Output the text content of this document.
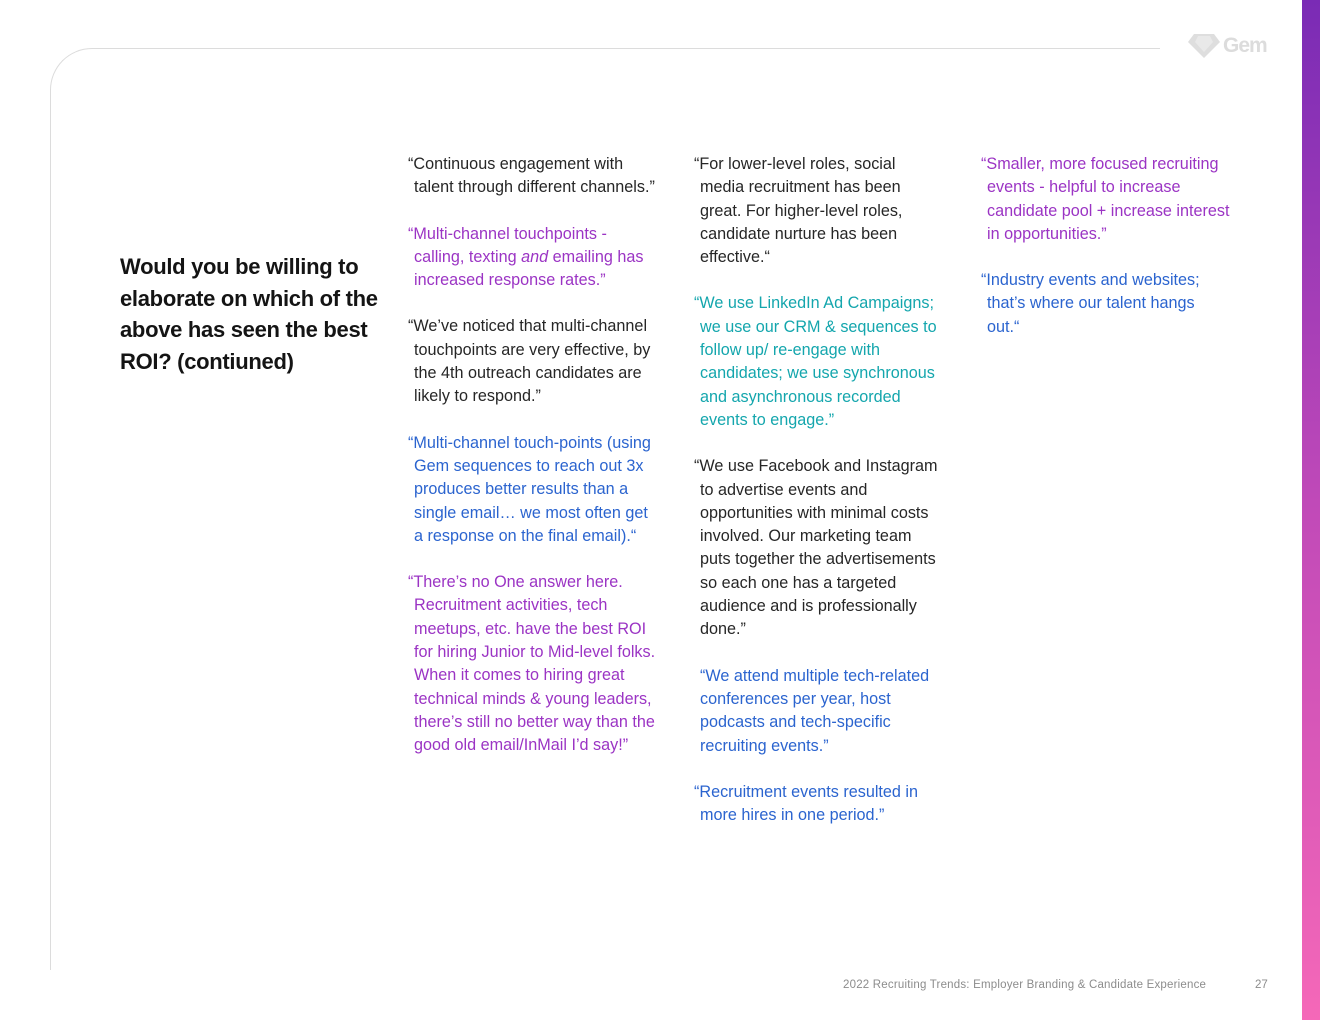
Gem
Would you be willing to elaborate on which of the above has seen the best ROI? (contiuned)

“Continuous engagement with talent through different channels.”

“Multi-channel touchpoints - calling, texting and emailing has increased response rates.”

“We’ve noticed that multi-channel touchpoints are very effective, by the 4th outreach candidates are likely to respond.”

“Multi-channel touch-points (using Gem sequences to reach out 3x produces better results than a single email… we most often get a response on the final email).“

“There’s no One answer here. Recruitment activities, tech meetups, etc. have the best ROI for hiring Junior to Mid-level folks. When it comes to hiring great technical minds & young leaders, there’s still no better way than the good old email/InMail I’d say!”

“For lower-level roles, social media recruitment has been great. For higher-level roles, candidate nurture has been effective.“

“We use LinkedIn Ad Campaigns; we use our CRM & sequences to follow up/ re-engage with candidates; we use synchronous and asynchronous recorded events to engage.”

“We use Facebook and Instagram to advertise events and opportunities with minimal costs involved. Our marketing team puts together the advertisements so each one has a targeted audience and is professionally done.”

“We attend multiple tech-related conferences per year, host podcasts and tech-specific recruiting events.”

“Recruitment events resulted in more hires in one period.”

“Smaller, more focused recruiting events - helpful to increase candidate pool + increase interest in opportunities.”

“Industry events and websites; that’s where our talent hangs out.“

2022 Recruiting Trends: Employer Branding & Candidate Experience	27
